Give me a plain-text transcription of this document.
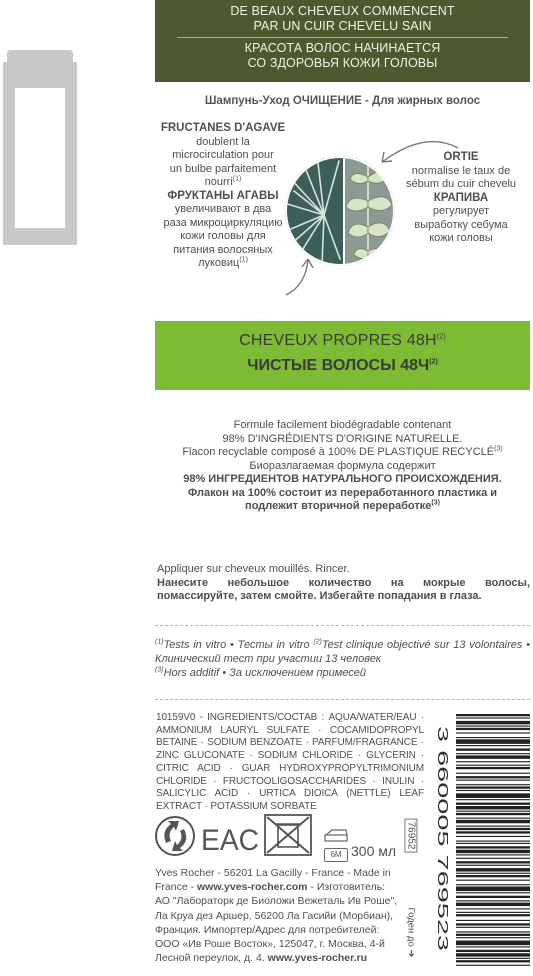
DE BEAUX CHEVEUX COMMENCENT
PAR UN CUIR CHEVELU SAIN
КРАСОТА ВОЛОС НАЧИНАЕТСЯ
СО ЗДОРОВЬЯ КОЖИ ГОЛОВЫ
Шампунь-Уход ОЧИЩЕНИЕ - Для жирных волос
FRUCTANES D'AGAVE
doublent la
microcirculation pour
un bulbe parfaitement
nourri$^{(1)}$
ФРУКТАНЫ АГАВЫ
увеличивают в два
раза микроциркуляцию
кожи головы для
питания волосяных
луковиц$^{(1)}$
ORTIE
normalise le taux de
sébum du cuir chevelu
КРАПИВА
регулирует
выработку себума
кожи головы
CHEVEUX PROPRES $48H^{(2)}$
ЧИСТЫЕ ВОЛОСЫ $48Ч^{(2)}$
Formule facilement biodégradable contenant
98% D'INGRÉDIENTS D'ORIGINE NATURELLE.
Flacon recyclable composé à 100% DE PLASTIQUE RECYCLÉ$^{(3)}$
Биоразлагаемая формула содержит
98% ИНГРЕДИЕНТОВ НАТУРАЛЬНОГО ПРОИСХОЖДЕНИЯ.
Флакон на 100% состоит из переработанного пластика и
подлежит вторичной переработке$^{(3)}$
Appliquer sur cheveux mouillés. Rincer.
Нанесите небольшое количество на мокрые волосы, помассируйте, затем смойте. Избегайте попадания в глаза.
$^{(1)}$Tests in vitro • Тесты in vitro $^{(2)}$Test clinique objectivé sur 13 volontaires • Клинический тест при участии 13 человек
$^{(3)}$Hors additif • За исключением примесей
10159V0 - INGREDIENTS/СОСТАВ : AQUA/WATER/EAU · AMMONIUM LAURYL SULFATE · COCAMIDOPROPYL BETAINE · SODIUM BENZOATE · PARFUM/FRAGRANCE · ZINC GLUCONATE · SODIUM CHLORIDE · GLYCERIN · CITRIC ACID · GUAR HYDROXYPROPYLTRIMONIUM CHLORIDE · FRUCTOOLIGOSACCHARIDES · INULIN · SALICYLIC ACID · URTICA DIOICA (NETTLE) LEAF EXTRACT · POTASSIUM SORBATE
EAC	6M 300 мл
76952
Годен до ➜
3 660005 769523
Yves Rocher - 56201 La Gacilly - France - Made in
France - www.yves-rocher.com - Изготовитель:
АО "Лабораторк де Биоложи Вежеталь Ив Роше",
Ла Круа дез Аршер, 56200 Ла Гасийи (Морбиан),
Франция. Импортер/Адрес для потребителей:
ООО «Ив Роше Восток», 125047, г. Москва, 4-й
Лесной переулок, д. 4. www.yves-rocher.ru
